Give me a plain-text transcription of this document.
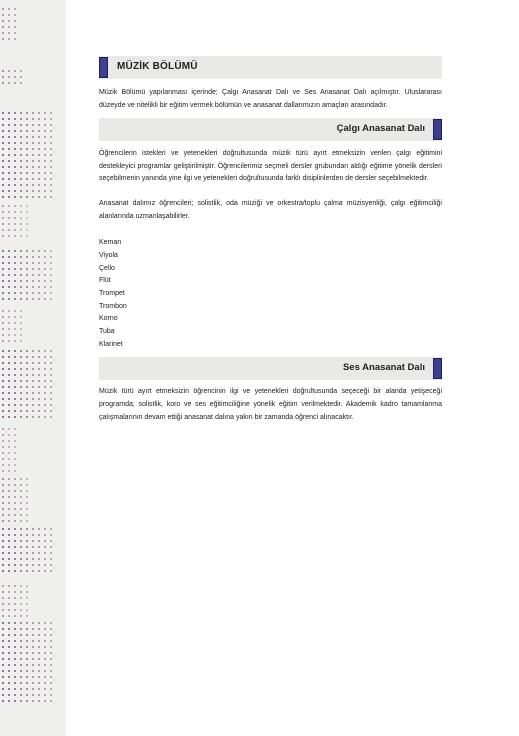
MÜZİK BÖLÜMÜ

Müzik Bölümü yapılanması içerinde; Çalgı Anasanat Dalı ve Ses Anasanat Dalı açılmıştır. Uluslararası düzeyde ve nitelikli bir eğitim vermek bölümün ve anasanat dallarımızın amaçları arasındadır.

Çalgı Anasanat Dalı

Öğrencilerin istekleri ve yetenekleri doğrultusunda müzik türü ayırt etmeksizin verilen çalgı eğitimini destekleyici programlar geliştirilmiştir. Öğrencilerimiz seçmeli dersler grubundan aldığı eğitime yönelik dersleri seçebilmenin yanında yine ilgi ve yetenekleri doğrultusunda farklı disiplinlerden de dersler seçebilmektedir.

Anasanat dalımız öğrencileri; solistlik, oda müziği ve orkestra/toplu çalma müzisyenliği, çalgı eğitimciliği alanlarında uzmanlaşabilirler.

Keman
Viyola
Çello
Flüt
Trompet
Trombon
Korno
Tuba
Klarinet
Ses Anasanat Dalı

Müzik türü ayırt etmeksizin öğrencinin ilgi ve yetenekleri doğrultusunda seçeceği bir alanda yetişeceği programda; solistlik, koro ve ses eğitimciliğine yönelik eğitim verilmektedir. Akademik kadro tamamlanma çalışmalarının devam ettiği anasanat dalına yakın bir zamanda öğrenci alınacaktır.
